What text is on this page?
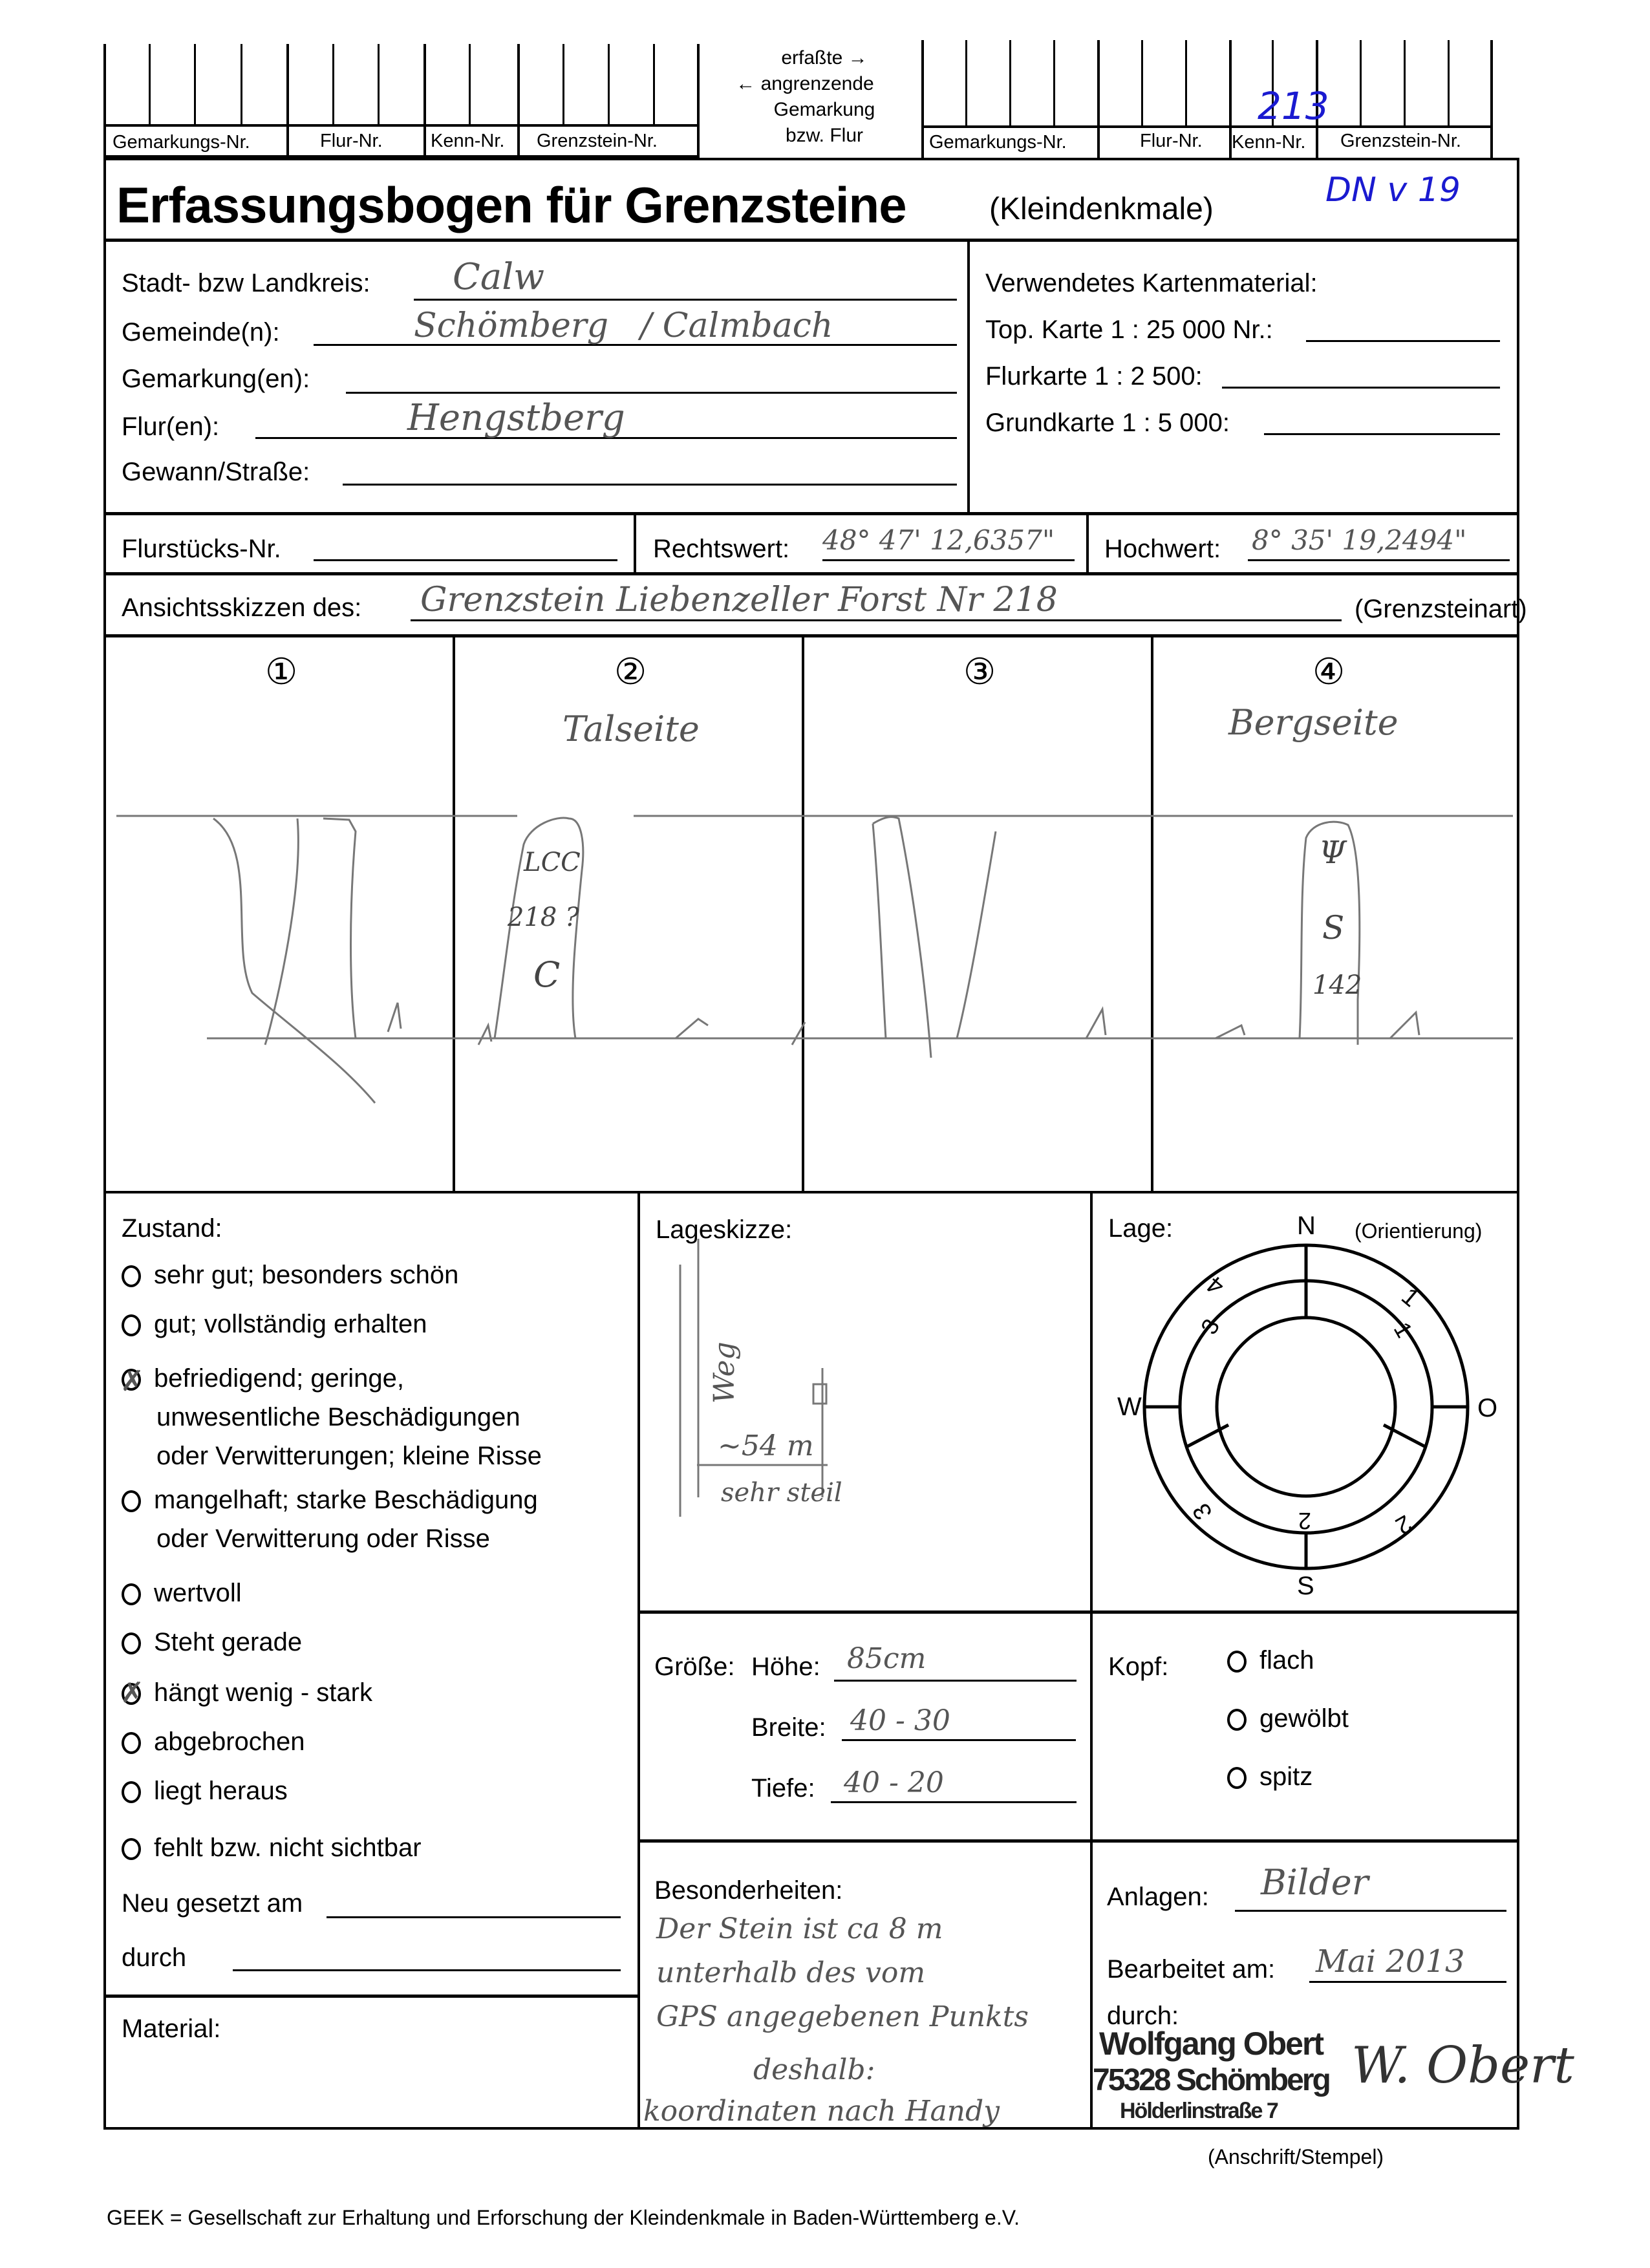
Gemarkungs-Nr.	Flur-Nr.	Kenn-Nr. Grenzstein-Nr.
erfaßte →
← angrenzende
Gemarkung
bzw. Flur
213
Gemarkungs-Nr.	Flur-Nr. Kenn-Nr. Grenzstein-Nr.
Erfassungsbogen für Grenzsteine	(Kleindenkmale)	DN v 19
Stadt- bzw Landkreis: Calw
Gemeinde(n):	Schömberg   / Calmbach
Gemarkung(en):
Flur(en):	Hengstberg
Gewann/Straße:
Verwendetes Kartenmaterial:
Top. Karte 1 : 25 000 Nr.:
Flurkarte 1 : 2 500:
Grundkarte 1 : 5 000:
Flurstücks-Nr.	Rechtswert: 48° 47' 12,6357" Hochwert: 8° 35' 19,2494"
Ansichtsskizzen des: Grenzstein Liebenzeller Forst Nr 218	(Grenzsteinart)
①	②	③	④
Talseite	Bergseite
LCC
218 ?
C
Ψ
S
142
Zustand:
sehr gut; besonders schön
gut; vollständig erhalten
✗befriedigend; geringe,
unwesentliche Beschädigungen
oder Verwitterungen; kleine Risse
mangelhaft; starke Beschädigung
oder Verwitterung oder Risse
wertvoll
Steht gerade
✗hängt wenig - stark
abgebrochen
liegt heraus
fehlt bzw. nicht sichtbar
Neu gesetzt am
durch
Material:
Lageskizze:
Weg
~54 m
sehr steil
Lage:	(Orientierung)
N
S
W	O
1
2
3
4
1
2
3
Größe: Höhe: 85cm
Breite: 40 - 30
Tiefe: 40 - 20
Kopf:	flach
gewölbt
spitz
Besonderheiten:
Der Stein ist ca 8 m
unterhalb des vom
GPS angegebenen Punkts
deshalb:
koordinaten nach Handy
Anlagen: Bilder
Bearbeitet am: Mai 2013
durch:
Wolfgang Obert
75328 Schömberg
Hölderlinstraße 7
W. Obert
(Anschrift/Stempel)
GEEK = Gesellschaft zur Erhaltung und Erforschung der Kleindenkmale in Baden-Württemberg e.V.
